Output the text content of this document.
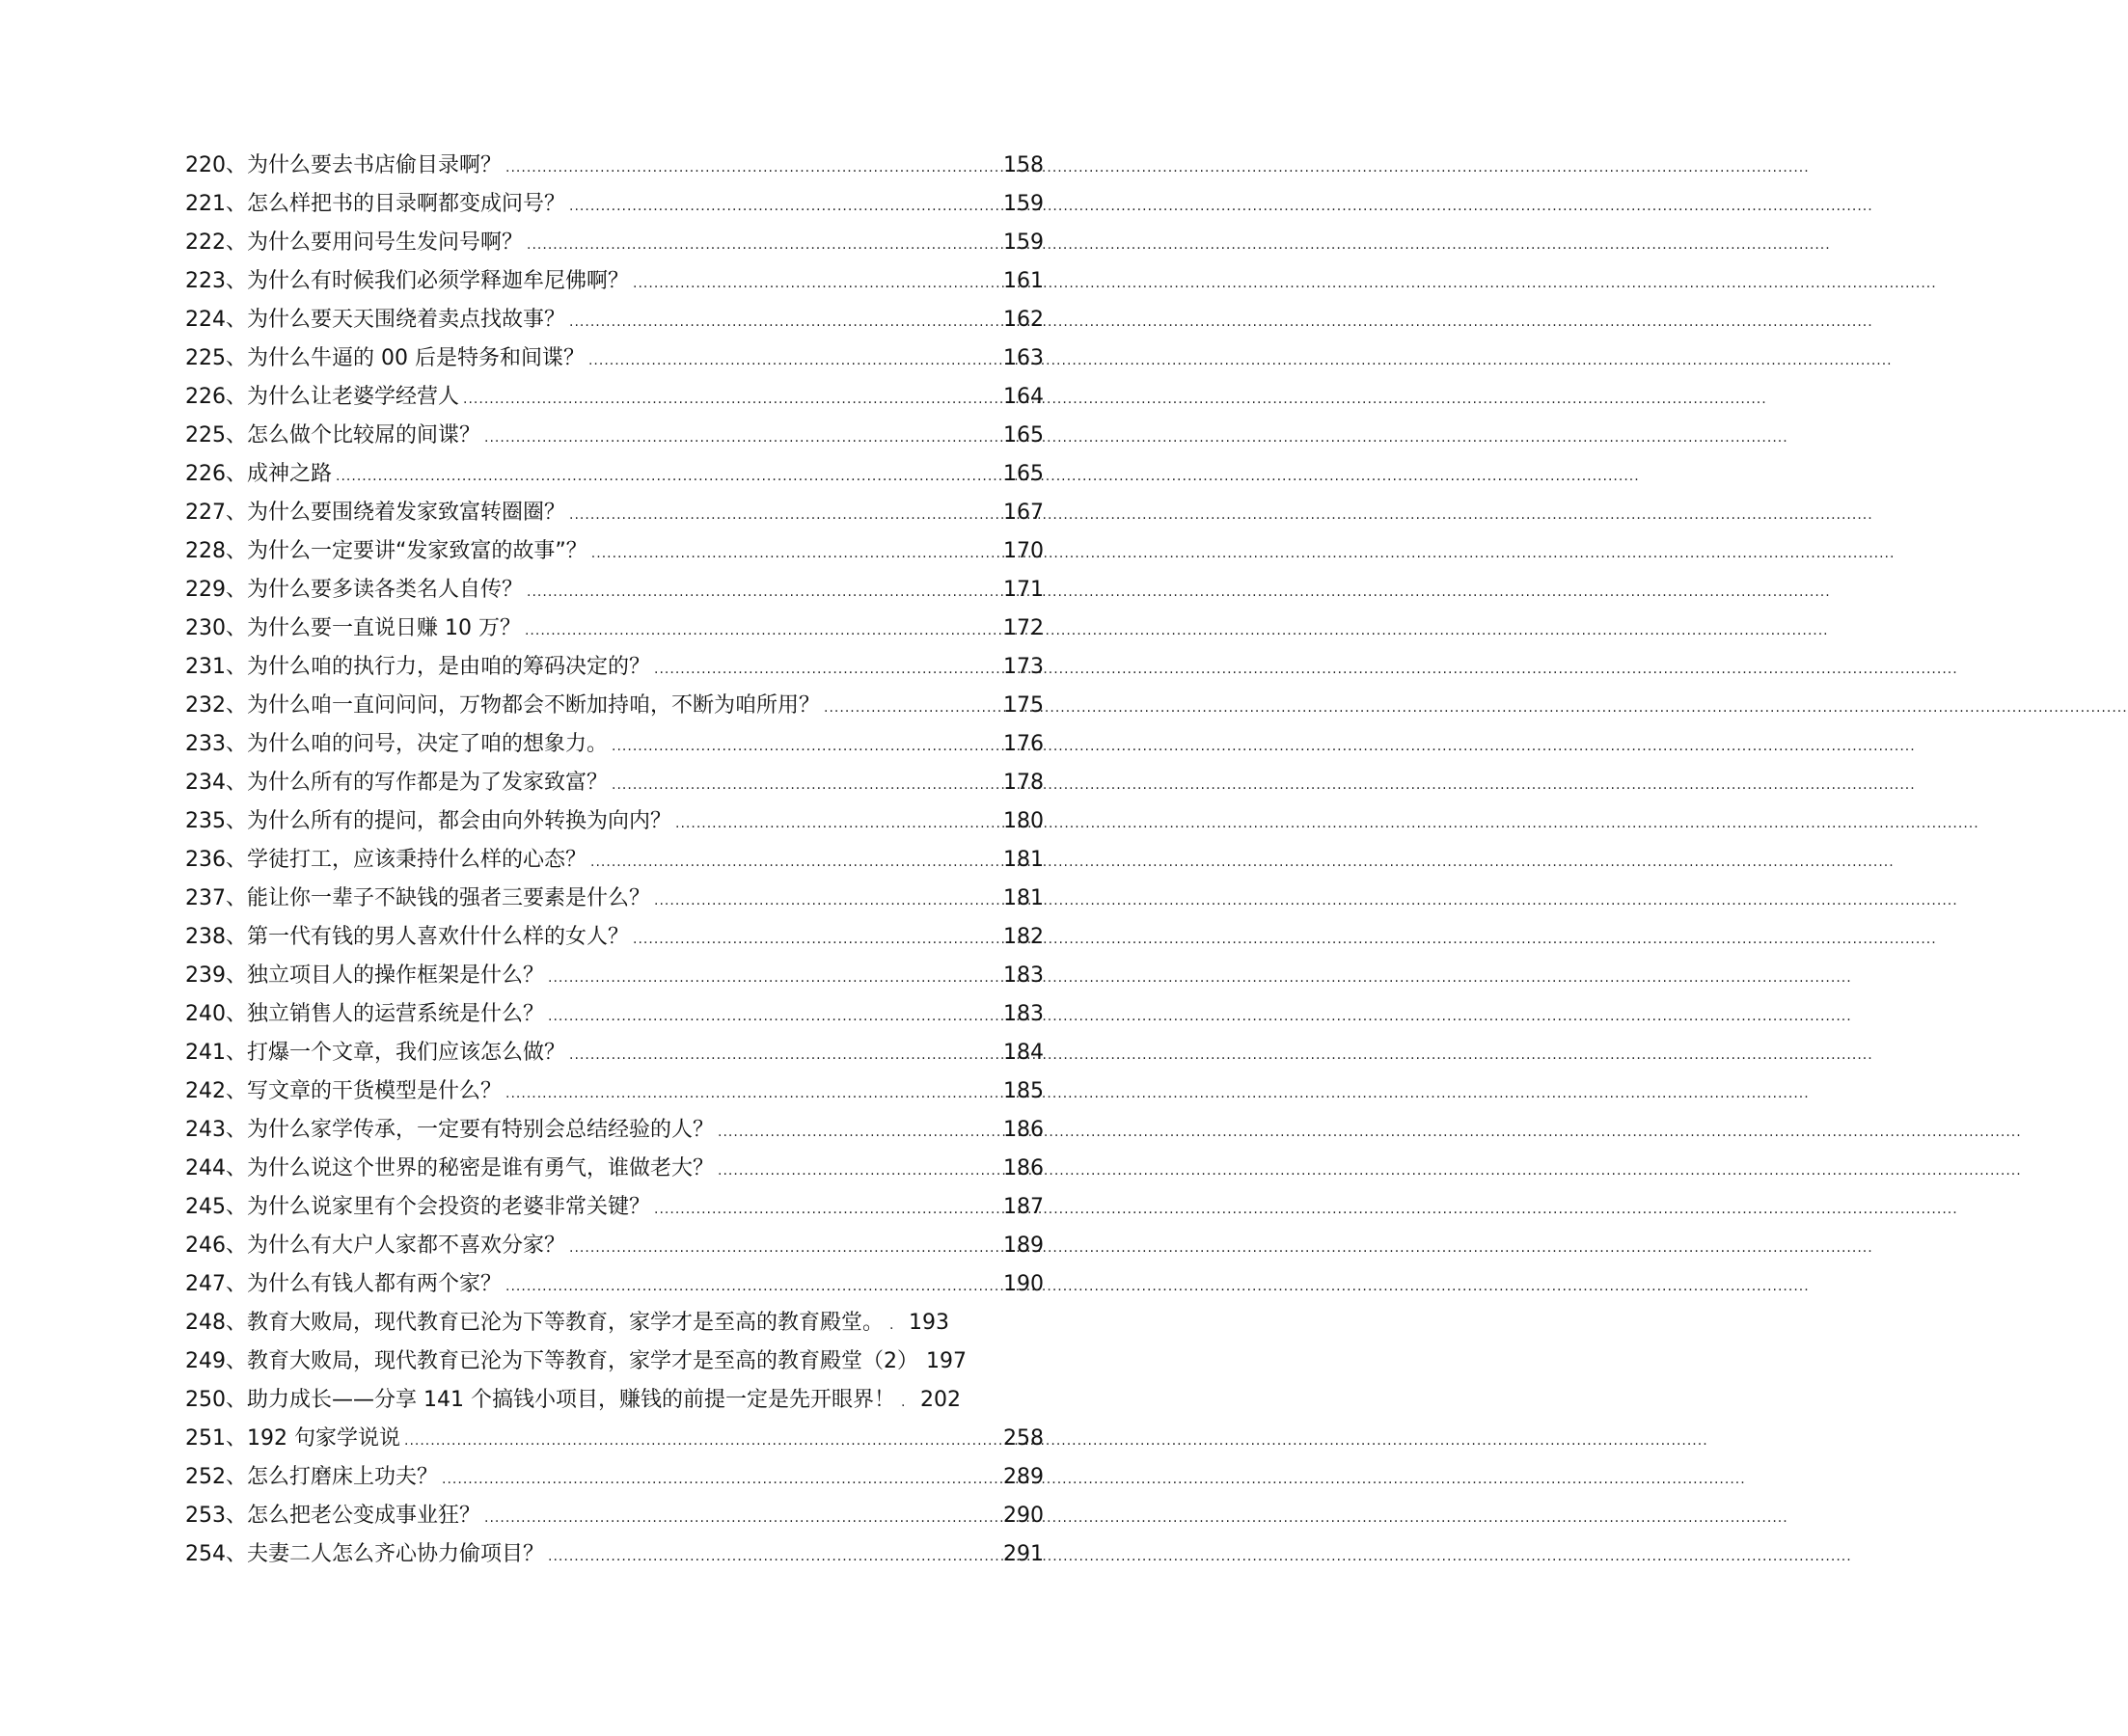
220、 为什么要去书店偷目录啊？ .....	158
221、 怎么样把书的目录啊都变成问号？ .....	159
222、 为什么要用问号生发问号啊？ .....	159
223、 为什么有时候我们必须学释迦牟尼佛啊？ .....	161
224、 为什么要天天围绕着卖点找故事？ .....	162
225、 为什么牛逼的 00 后是特务和间谍？ .....	163
226、 为什么让老婆学经营人 .....	164
225、 怎么做个比较屌的间谍？ .....	165
226、 成神之路 .....	165
227、 为什么要围绕着发家致富转圈圈？ .....	167
228、 为什么一定要讲“发家致富的故事”？ .....	170
229、 为什么要多读各类名人自传？ .....	171
230、 为什么要一直说日赚 10 万？ .....	172
231、 为什么咱的执行力，是由咱的筹码决定的？ .....	173
232、 为什么咱一直问问问，万物都会不断加持咱，不断为咱所用？ .....	175
233、 为什么咱的问号，决定了咱的想象力。 .....	176
234、 为什么所有的写作都是为了发家致富？ .....	178
235、 为什么所有的提问，都会由向外转换为向内？ .....	180
236、 学徒打工，应该秉持什么样的心态？ .....	181
237、 能让你一辈子不缺钱的强者三要素是什么？ .....	181
238、 第一代有钱的男人喜欢什什么样的女人？ .....	182
239、 独立项目人的操作框架是什么？ .....	183
240、 独立销售人的运营系统是什么？ .....	183
241、 打爆一个文章，我们应该怎么做？ .....	184
242、 写文章的干货模型是什么？ .....	185
243、 为什么家学传承，一定要有特别会总结经验的人？ .....	186
244、 为什么说这个世界的秘密是谁有勇气，谁做老大？ .....	186
245、 为什么说家里有个会投资的老婆非常关键？ .....	187
246、 为什么有大户人家都不喜欢分家？ .....	189
247、 为什么有钱人都有两个家？ .....	190
248、 教育大败局，现代教育已沦为下等教育，家学才是至高的教育殿堂。 . 193
249、 教育大败局，现代教育已沦为下等教育，家学才是至高的教育殿堂（2） 197
250、 助力成长——分享 141 个搞钱小项目，赚钱的前提一定是先开眼界！ . 202
251、 192 句家学说说 .....	258
252、 怎么打磨床上功夫？ .....	289
253、 怎么把老公变成事业狂？ .....	290
254、 夫妻二人怎么齐心协力偷项目？ .....	291
